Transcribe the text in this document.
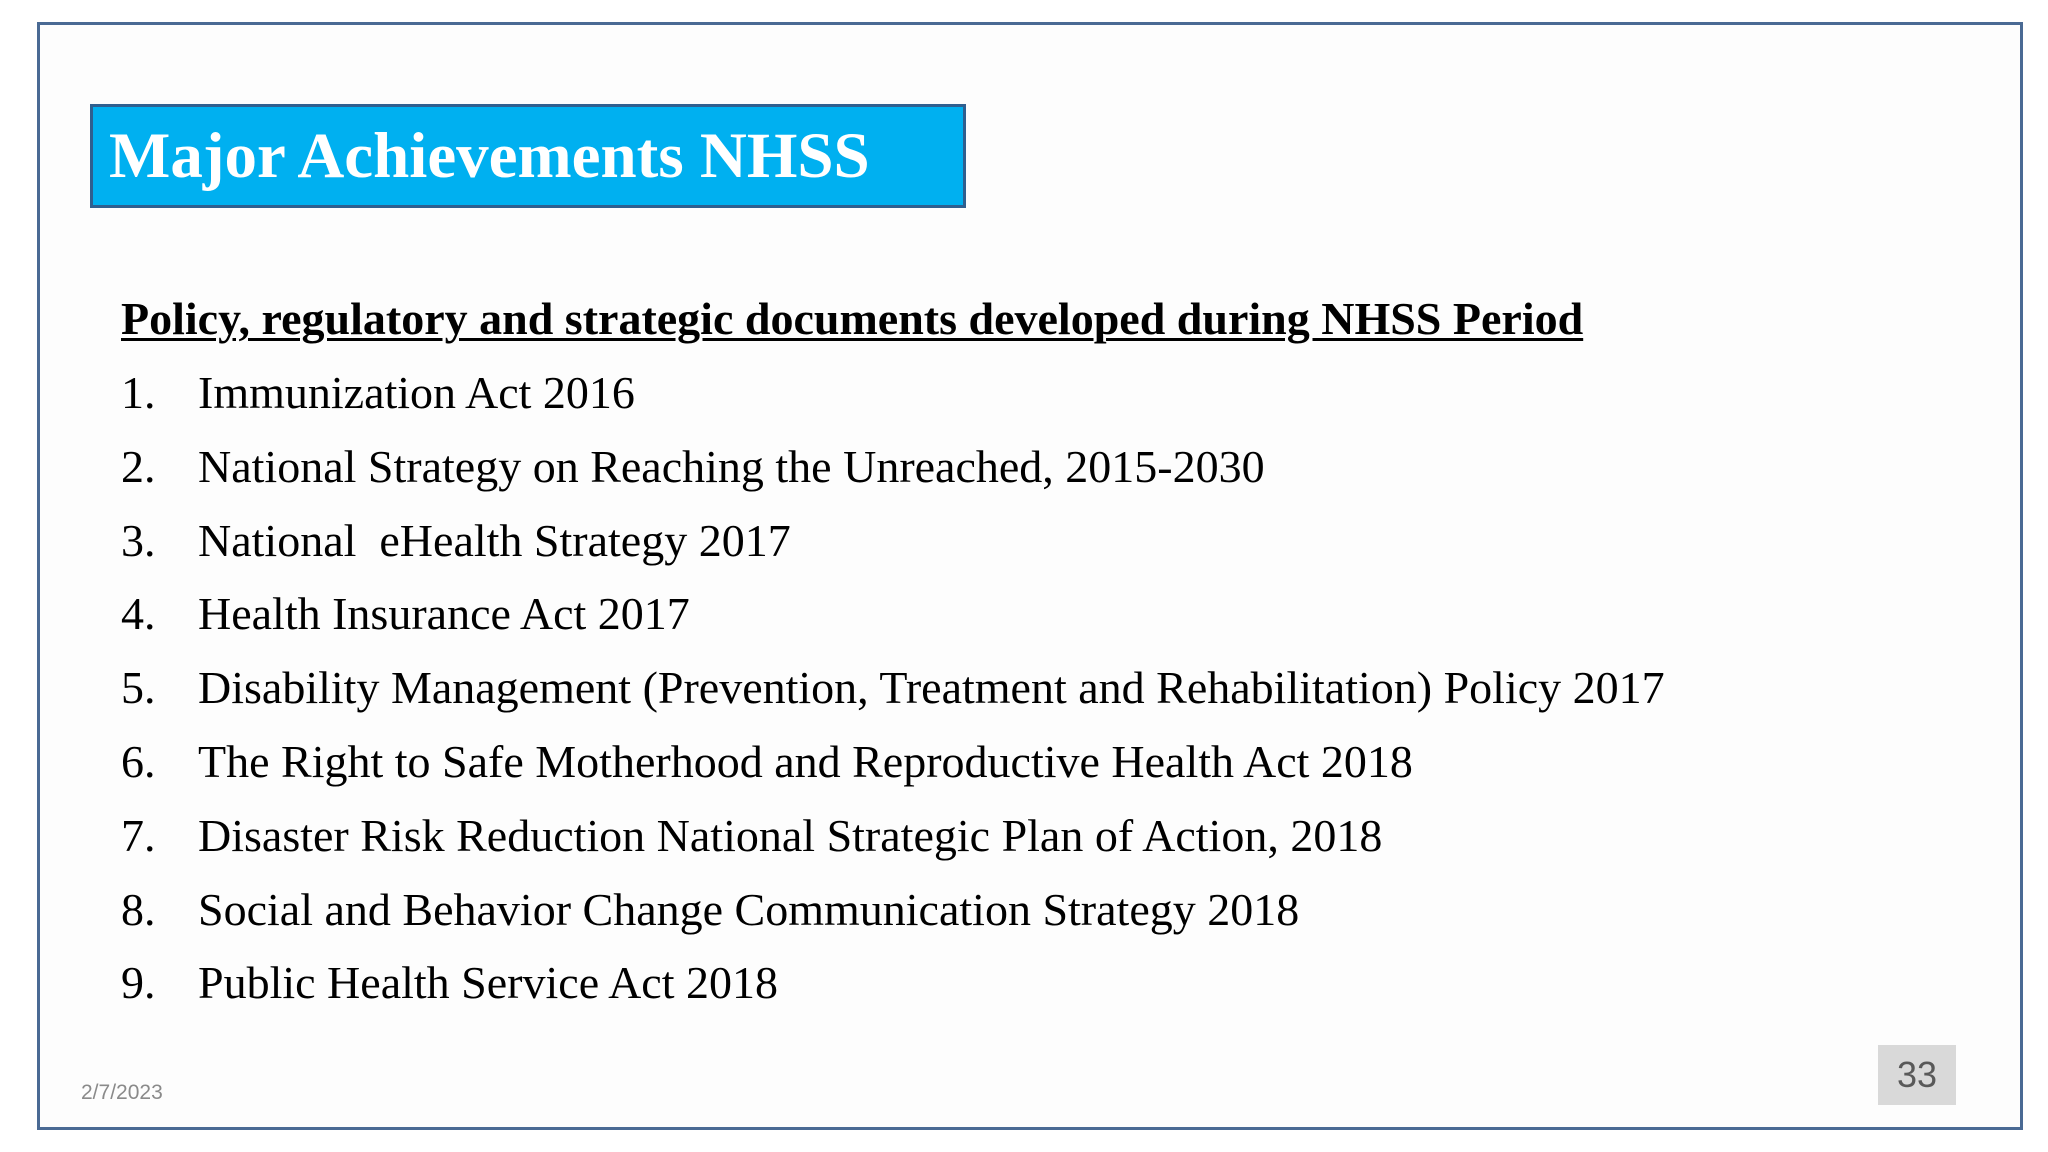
Major Achievements NHSS
Policy, regulatory and strategic documents developed during NHSS Period
1. Immunization Act 2016
2. National Strategy on Reaching the Unreached, 2015-2030
3. National  eHealth Strategy 2017
4. Health Insurance Act 2017
5. Disability Management (Prevention, Treatment and Rehabilitation) Policy 2017
6. The Right to Safe Motherhood and Reproductive Health Act 2018
7. Disaster Risk Reduction National Strategic Plan of Action, 2018
8. Social and Behavior Change Communication Strategy 2018
9. Public Health Service Act 2018
2/7/2023	33
